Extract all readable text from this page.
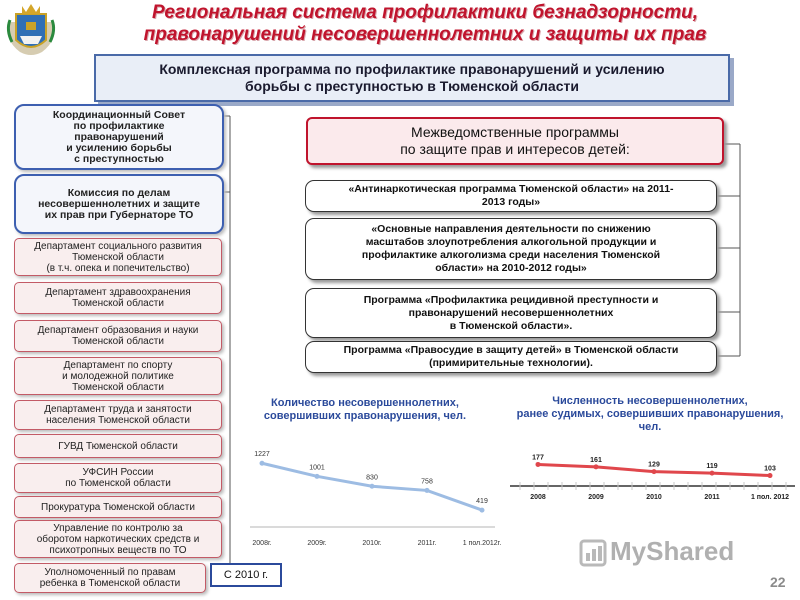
Региональная система профилактики безнадзорности,
правонарушений несовершеннолетних и защиты их прав
Комплексная программа по профилактике правонарушений и усилению
борьбы с преступностью в Тюменской области
Координационный Совет
по профилактике
правонарушений
и усилению борьбы
с преступностью
Комиссия по делам
несовершеннолетних и защите
их прав при Губернаторе ТО
Департамент социального развития
Тюменской области
(в т.ч. опека и попечительство)
Департамент здравоохранения
Тюменской области
Департамент образования и науки
Тюменской области
Департамент по спорту
и молодежной политике
Тюменской области
Департамент труда и занятости
населения Тюменской области
ГУВД Тюменской области
УФСИН России
по Тюменской области
Прокуратура Тюменской области
Управление по контролю за
оборотом наркотических средств и
психотропных веществ по ТО
Уполномоченный по правам
ребенка в Тюменской области
С 2010 г.
Межведомственные программы
по защите прав и интересов детей:
«Антинаркотическая программа Тюменской области» на 2011-
2013 годы»
«Основные направления деятельности по снижению
масштабов злоупотребления алкогольной продукции и
профилактике алкоголизма среди населения Тюменской
области» на 2010-2012 годы»
Программа «Профилактика рецидивной преступности и
правонарушений несовершеннолетних
в Тюменской области».
Программа «Правосудие в защиту детей» в Тюменской области
(примирительные технологии).
Количество несовершеннолетних,
совершивших правонарушения, чел.
1227
2008г.
1001
2009г.
830
2010г.
758
2011г.
419
1 пол.2012г.
Численность несовершеннолетних,
ранее судимых, совершивших правонарушения,
чел.
177
2008
161
2009
129
2010
119
2011
103
1 пол. 2012
MyShared
22
